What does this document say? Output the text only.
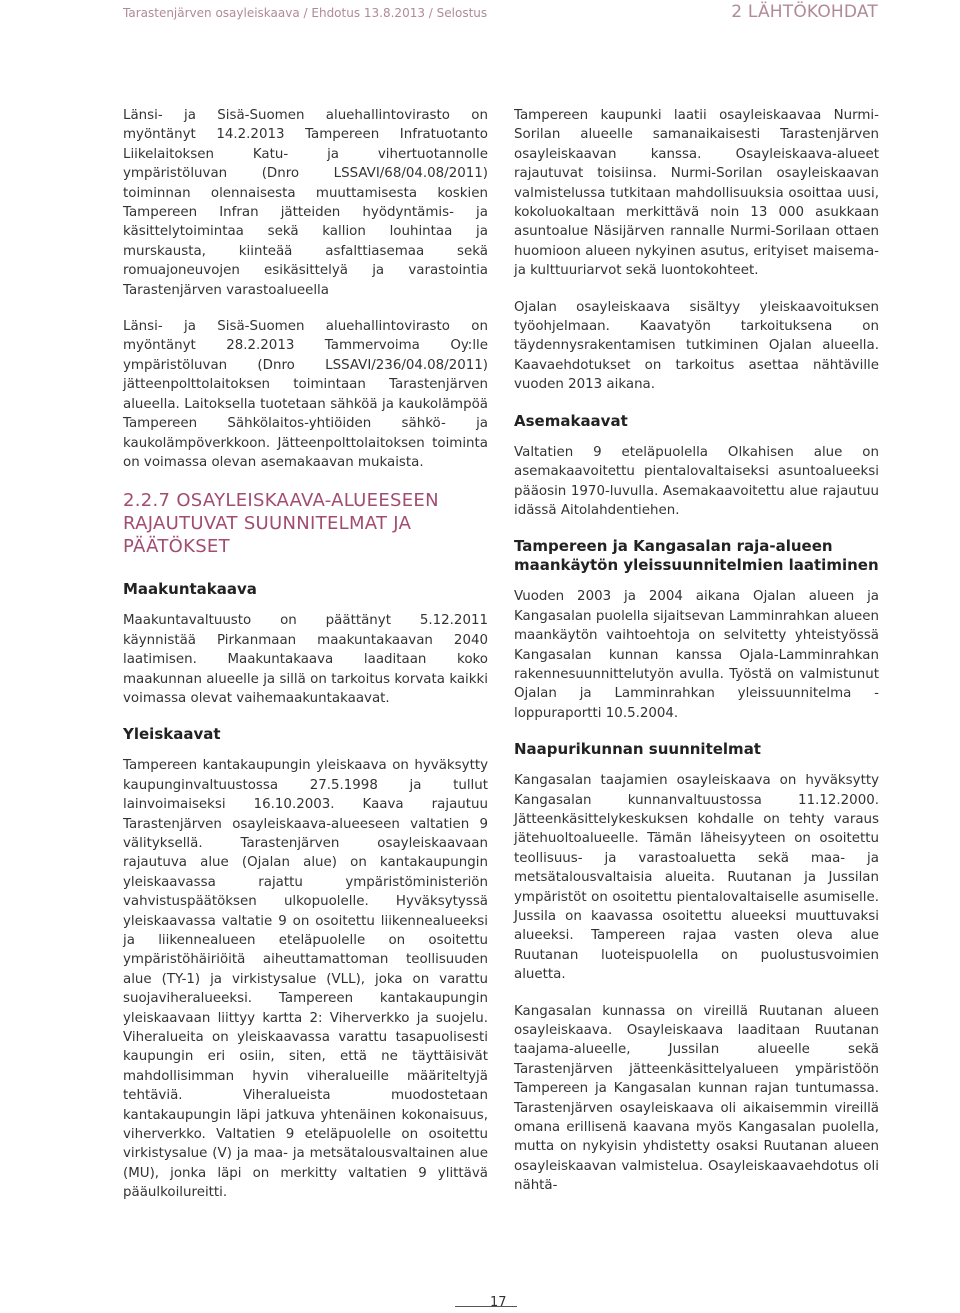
Tarastenjärven osayleiskaava / Ehdotus 13.8.2013 / Selostus	2 LÄHTÖKOHDAT

Länsi- ja Sisä-Suomen aluehallintovirasto on myöntänyt 14.2.2013 Tampereen Infratuotanto Liikelaitoksen Katu- ja vihertuotannolle ympäristöluvan (Dnro LSSAVI/68/04.08/2011) toiminnan olennaisesta muuttamisesta koskien Tampereen Infran jätteiden hyödyntämis- ja käsittelytoimintaa sekä kallion louhintaa ja murskausta, kiinteää asfalttiasemaa sekä romuajoneuvojen esikäsittelyä ja varastointia Tarastenjärven varastoalueella

Länsi- ja Sisä-Suomen aluehallintovirasto on myöntänyt 28.2.2013 Tammervoima Oy:lle ympäristöluvan (Dnro LSSAVI/236/04.08/2011) jätteenpolttolaitoksen toimintaan Tarastenjärven alueella. Laitoksella tuotetaan sähköä ja kaukolämpöä Tampereen Sähkölaitos-yhtiöiden sähkö- ja kaukolämpöverkkoon. Jätteenpolttolaitoksen toiminta on voimassa olevan asemakaavan mukaista.

2.2.7 OSAYLEISKAAVA-ALUEESEEN RAJAUTUVAT SUUNNITELMAT JA PÄÄTÖKSET
Maakuntakaava

Maakuntavaltuusto on päättänyt 5.12.2011 käynnistää Pirkanmaan maakuntakaavan 2040 laatimisen. Maakuntakaava laaditaan koko maakunnan alueelle ja sillä on tarkoitus korvata kaikki voimassa olevat vaihemaakuntakaavat.

Yleiskaavat

Tampereen kantakaupungin yleiskaava on hyväksytty kaupunginvaltuustossa 27.5.1998 ja tullut lainvoimaiseksi 16.10.2003. Kaava rajautuu Tarastenjärven osayleiskaava-alueeseen valtatien 9 välityksellä. Tarastenjärven osayleiskaavaan rajautuva alue (Ojalan alue) on kantakaupungin yleiskaavassa rajattu ympäristöministeriön vahvistuspäätöksen ulkopuolelle. Hyväksytyssä yleiskaavassa valtatie 9 on osoitettu liikennealueeksi ja liikennealueen eteläpuolelle on osoitettu ympäristöhäiriöitä aiheuttamattoman teollisuuden alue (TY-1) ja virkistysalue (VLL), joka on varattu suojaviheralueeksi. Tampereen kantakaupungin yleiskaavaan liittyy kartta 2: Viherverkko ja suojelu. Viheralueita on yleiskaavassa varattu tasapuolisesti kaupungin eri osiin, siten, että ne täyttäisivät mahdollisimman hyvin viheralueille määriteltyjä tehtäviä. Viheralueista muodostetaan kantakaupungin läpi jatkuva yhtenäinen kokonaisuus, viherverkko. Valtatien 9 eteläpuolelle on osoitettu virkistysalue (V) ja maa- ja metsätalousvaltainen alue (MU), jonka läpi on merkitty valtatien 9 ylittävä pääulkoilureitti.

Tampereen kaupunki laatii osayleiskaavaa Nurmi-Sorilan alueelle samanaikaisesti Tarastenjärven osayleiskaavan kanssa. Osayleiskaava-alueet rajautuvat toisiinsa. Nurmi-Sorilan osayleiskaavan valmistelussa tutkitaan mahdollisuuksia osoittaa uusi, kokoluokaltaan merkittävä noin 13 000 asukkaan asuntoalue Näsijärven rannalle Nurmi-Sorilaan ottaen huomioon alueen nykyinen asutus, erityiset maisema- ja kulttuuriarvot sekä luontokohteet.

Ojalan osayleiskaava sisältyy yleiskaavoituksen työohjelmaan. Kaavatyön tarkoituksena on täydennysrakentamisen tutkiminen Ojalan alueella. Kaavaehdotukset on tarkoitus asettaa nähtäville vuoden 2013 aikana.

Asemakaavat

Valtatien 9 eteläpuolella Olkahisen alue on asemakaavoitettu pientalovaltaiseksi asuntoalueeksi pääosin 1970-luvulla. Asemakaavoitettu alue rajautuu idässä Aitolahdentiehen.

Tampereen ja Kangasalan raja-alueen maankäytön yleissuunnitelmien laatiminen

Vuoden 2003 ja 2004 aikana Ojalan alueen ja Kangasalan puolella sijaitsevan Lamminrahkan alueen maankäytön vaihtoehtoja on selvitetty yhteistyössä Kangasalan kunnan kanssa Ojala-Lamminrahkan rakennesuunnittelutyön avulla. Työstä on valmistunut Ojalan ja Lamminrahkan yleissuunnitelma -loppuraportti 10.5.2004.

Naapurikunnan suunnitelmat

Kangasalan taajamien osayleiskaava on hyväksytty Kangasalan kunnanvaltuustossa 11.12.2000. Jätteenkäsittelykeskuksen kohdalle on tehty varaus jätehuoltoalueelle. Tämän läheisyyteen on osoitettu teollisuus- ja varastoaluetta sekä maa- ja metsätalousvaltaisia alueita. Ruutanan ja Jussilan ympäristöt on osoitettu pientalovaltaiselle asumiselle. Jussila on kaavassa osoitettu alueeksi muuttuvaksi alueeksi. Tampereen rajaa vasten oleva alue Ruutanan luoteispuolella on puolustusvoimien aluetta.

Kangasalan kunnassa on vireillä Ruutanan alueen osayleiskaava. Osayleiskaava laaditaan Ruutanan taajama-alueelle, Jussilan alueelle sekä Tarastenjärven jätteenkäsittelyalueen ympäristöön Tampereen ja Kangasalan kunnan rajan tuntumassa. Tarastenjärven osayleiskaava oli aikaisemmin vireillä omana erillisenä kaavana myös Kangasalan puolella, mutta on nykyisin yhdistetty osaksi Ruutanan alueen osayleiskaavan valmistelua. Osayleiskaavaehdotus oli nähtä-

17
